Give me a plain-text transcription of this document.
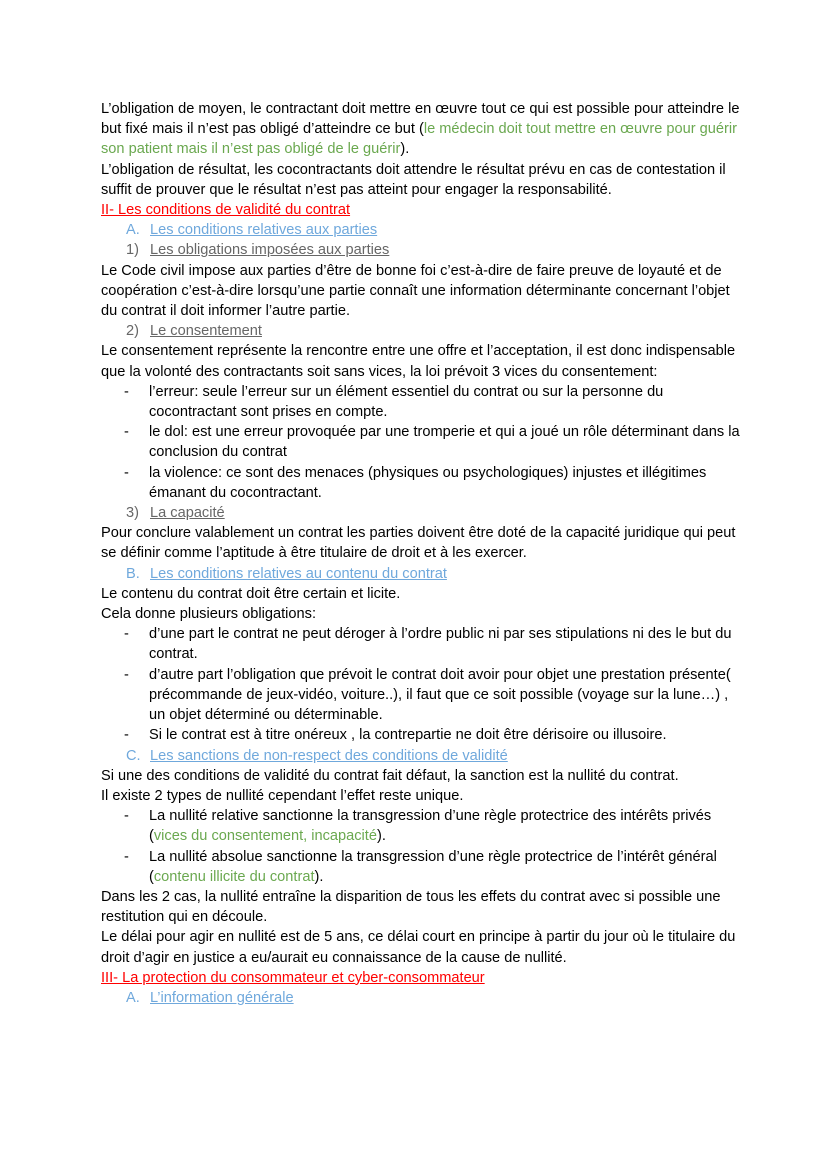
L’obligation de moyen, le contractant doit mettre en œuvre tout ce qui est possible pour atteindre le but fixé mais il n’est pas obligé d’atteindre ce but (le médecin doit tout mettre en œuvre pour guérir son patient mais il n’est pas obligé de le guérir).

L’obligation de résultat, les cocontractants doit attendre le résultat prévu en cas de contestation il suffit de prouver que le résultat n’est pas atteint pour engager la responsabilité.

II- Les conditions de validité du contrat

A. Les conditions relatives aux parties

1) Les obligations imposées aux parties

Le Code civil impose aux parties d’être de bonne foi c’est-à-dire de faire preuve de loyauté et de coopération c’est-à-dire lorsqu’une partie connaît une information déterminante concernant l’objet du contrat il doit informer l’autre partie.

2) Le consentement

Le consentement représente la rencontre entre une offre et l’acceptation, il est donc indispensable que la volonté des contractants soit sans vices, la loi prévoit 3 vices du consentement:

- l’erreur: seule l’erreur sur un élément essentiel du contrat ou sur la personne du cocontractant sont prises en compte.
- le dol: est une erreur provoquée par une tromperie et qui a joué un rôle déterminant dans la conclusion du contrat
- la violence: ce sont des menaces (physiques ou psychologiques) injustes et illégitimes émanant du cocontractant.

3) La capacité

Pour conclure valablement un contrat les parties doivent être doté de la capacité juridique qui peut se définir comme l’aptitude à être titulaire de droit et à les exercer.

B. Les conditions relatives au contenu du contrat

Le contenu du contrat doit être certain et licite.

Cela donne plusieurs obligations:

- d’une part le contrat ne peut déroger à l’ordre public ni par ses stipulations ni des le but du contrat.
- d’autre part l’obligation que prévoit le contrat doit avoir pour objet une prestation présente( précommande de jeux-vidéo, voiture..), il faut que ce soit possible (voyage sur la lune…) , un objet déterminé ou déterminable.
- Si le contrat est à titre onéreux , la contrepartie ne doit être dérisoire ou illusoire.

C. Les sanctions de non-respect des conditions de validité

Si une des conditions de validité du contrat fait défaut, la sanction est la nullité du contrat.

Il existe 2 types de nullité cependant l’effet reste unique.

- La nullité relative sanctionne la transgression d’une règle protectrice des intérêts privés (vices du consentement, incapacité).
- La nullité absolue sanctionne la transgression d’une règle protectrice de l’intérêt général (contenu illicite du contrat).

Dans les 2 cas, la nullité entraîne la disparition de tous les effets du contrat avec si possible une restitution qui en découle.

Le délai pour agir en nullité est de 5 ans, ce délai court en principe à partir du jour où le titulaire du droit d’agir en justice a eu/aurait eu connaissance de la cause de nullité.

III- La protection du consommateur et cyber-consommateur

A. L’information générale
